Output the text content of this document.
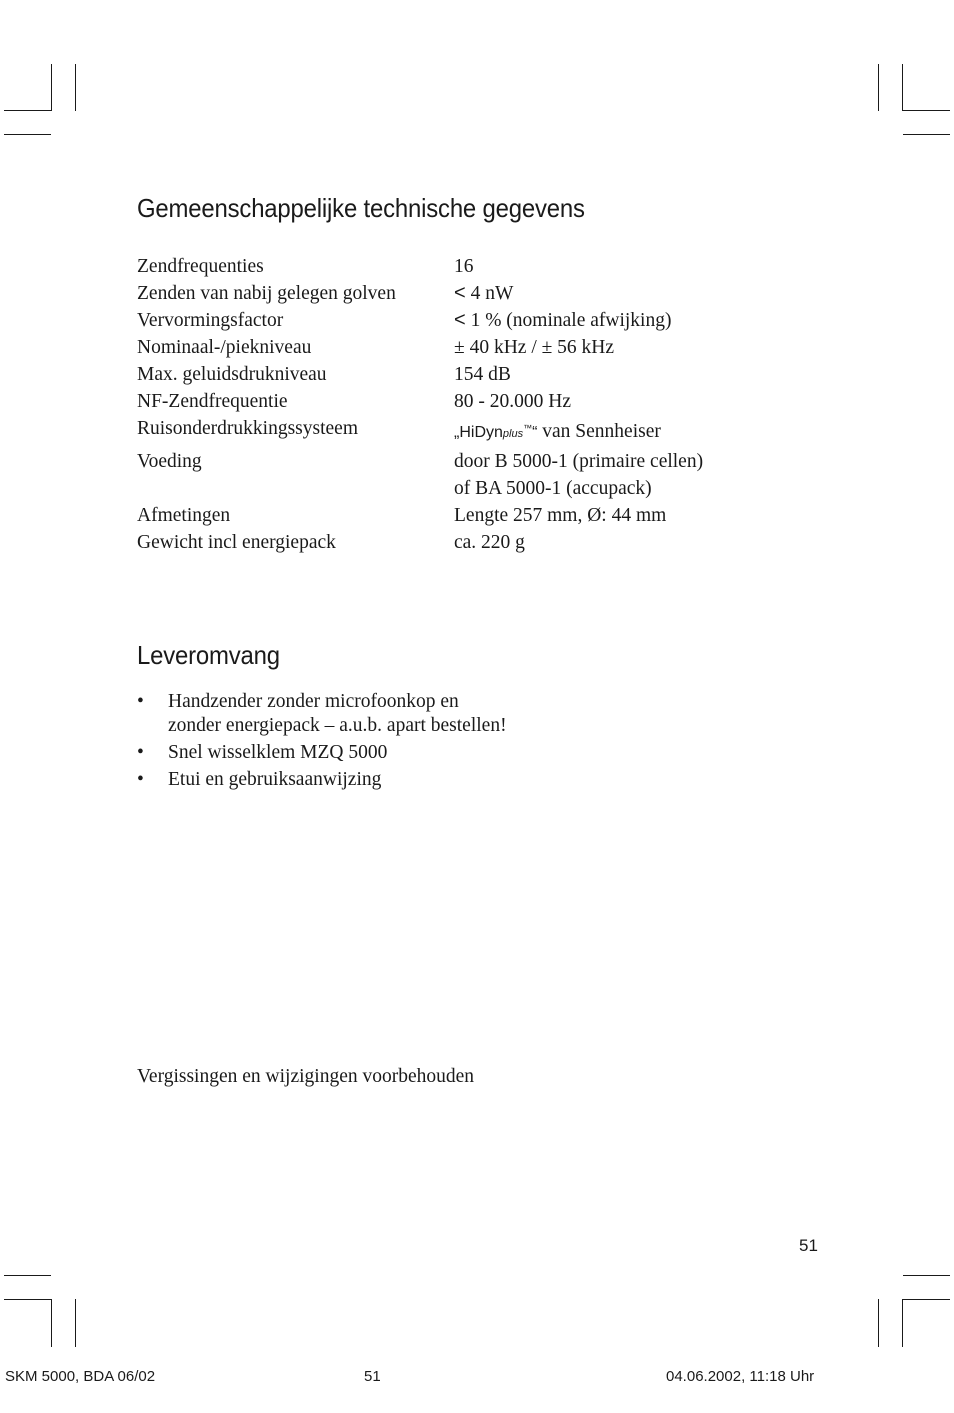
Gemeenschappelijke technische gegevens
Zendfrequenties	16
Zenden van nabij gelegen golven	< 4 nW
Vervormingsfactor	< 1 % (nominale afwijking)
Nominaal-/piekniveau	± 40 kHz / ± 56 kHz
Max. geluidsdrukniveau	154 dB
NF-Zendfrequentie	80 - 20.000 Hz
Ruisonderdrukkingssysteem	„HiDynplus™“ van Sennheiser
Voeding	door B 5000-1 (primaire cellen)
of BA 5000-1 (accupack)
Afmetingen	Lengte 257 mm, Ø: 44 mm
Gewicht incl energiepack	ca. 220 g
Leveromvang
• Handzender zonder microfoonkop en
zonder energiepack – a.u.b. apart bestellen!
• Snel wisselklem MZQ 5000
• Etui en gebruiksaanwijzing
Vergissingen en wijzigingen voorbehouden
51
SKM 5000, BDA 06/02	51	04.06.2002, 11:18 Uhr
